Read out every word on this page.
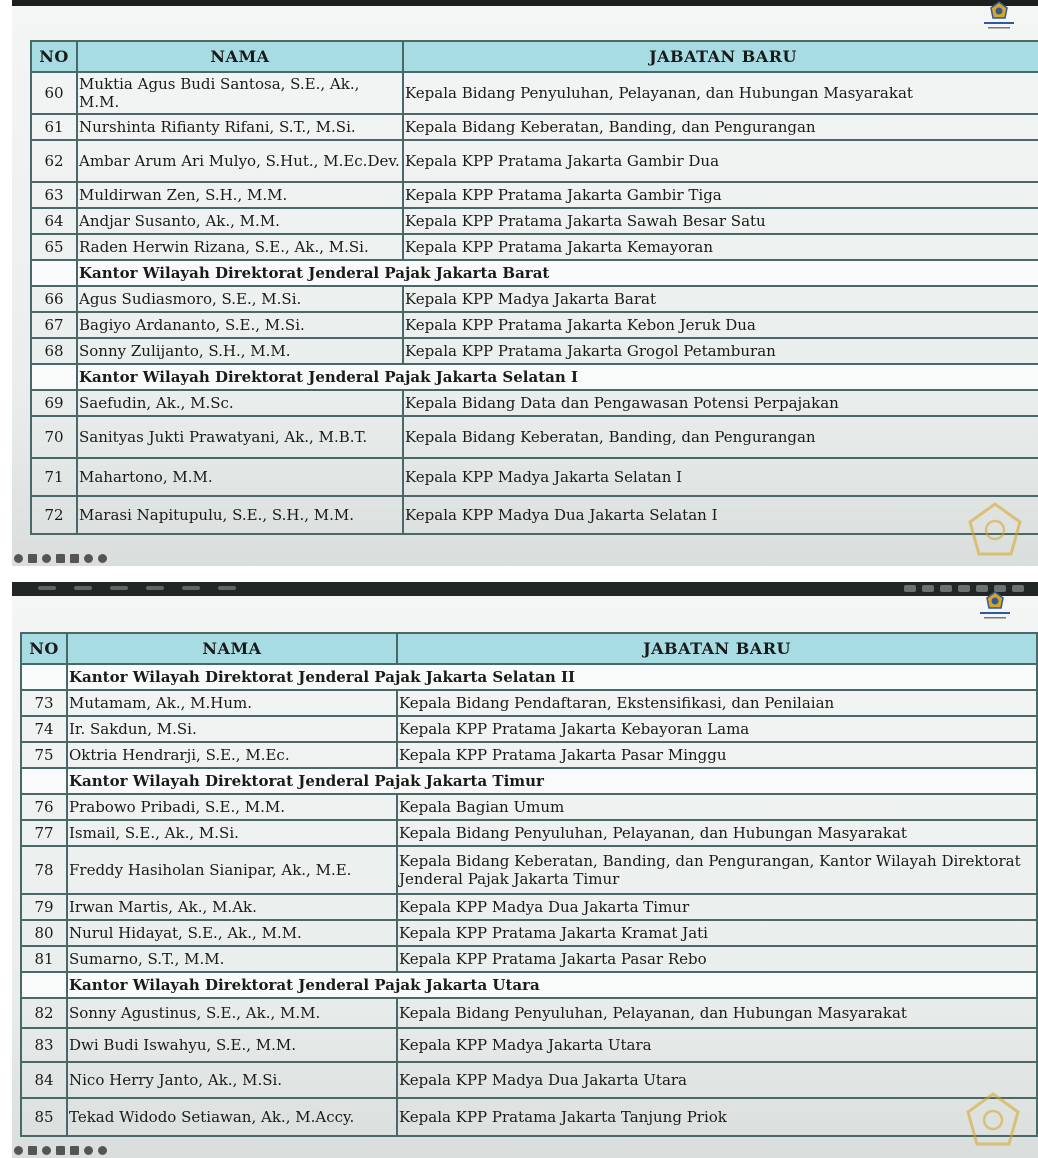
NO	NAMA	JABATAN BARU
60	Muktia Agus Budi Santosa, S.E., Ak., M.M.	Kepala Bidang Penyuluhan, Pelayanan, dan Hubungan Masyarakat
61	Nurshinta Rifianty Rifani, S.T., M.Si.	Kepala Bidang Keberatan, Banding, dan Pengurangan
62	Ambar Arum Ari Mulyo, S.Hut., M.Ec.Dev.	Kepala KPP Pratama Jakarta Gambir Dua
63	Muldirwan Zen, S.H., M.M.	Kepala KPP Pratama Jakarta Gambir Tiga
64	Andjar Susanto, Ak., M.M.	Kepala KPP Pratama Jakarta Sawah Besar Satu
65	Raden Herwin Rizana, S.E., Ak., M.Si.	Kepala KPP Pratama Jakarta Kemayoran
	Kantor Wilayah Direktorat Jenderal Pajak Jakarta Barat	
66	Agus Sudiasmoro, S.E., M.Si.	Kepala KPP Madya Jakarta Barat
67	Bagiyo Ardananto, S.E., M.Si.	Kepala KPP Pratama Jakarta Kebon Jeruk Dua
68	Sonny Zulijanto, S.H., M.M.	Kepala KPP Pratama Jakarta Grogol Petamburan
	Kantor Wilayah Direktorat Jenderal Pajak Jakarta Selatan I	
69	Saefudin, Ak., M.Sc.	Kepala Bidang Data dan Pengawasan Potensi Perpajakan
70	Sanityas Jukti Prawatyani, Ak., M.B.T.	Kepala Bidang Keberatan, Banding, dan Pengurangan
71	Mahartono, M.M.	Kepala KPP Madya Jakarta Selatan I
72	Marasi Napitupulu, S.E., S.H., M.M.	Kepala KPP Madya Dua Jakarta Selatan I
NO	NAMA	JABATAN BARU
	Kantor Wilayah Direktorat Jenderal Pajak Jakarta Selatan II	
73	Mutamam, Ak., M.Hum.	Kepala Bidang Pendaftaran, Ekstensifikasi, dan Penilaian
74	Ir. Sakdun, M.Si.	Kepala KPP Pratama Jakarta Kebayoran Lama
75	Oktria Hendrarji, S.E., M.Ec.	Kepala KPP Pratama Jakarta Pasar Minggu
	Kantor Wilayah Direktorat Jenderal Pajak Jakarta Timur	
76	Prabowo Pribadi, S.E., M.M.	Kepala Bagian Umum
77	Ismail, S.E., Ak., M.Si.	Kepala Bidang Penyuluhan, Pelayanan, dan Hubungan Masyarakat
78	Freddy Hasiholan Sianipar, Ak., M.E.	Kepala Bidang Keberatan, Banding, dan Pengurangan, Kantor Wilayah Direktorat Jenderal Pajak Jakarta Timur
79	Irwan Martis, Ak., M.Ak.	Kepala KPP Madya Dua Jakarta Timur
80	Nurul Hidayat, S.E., Ak., M.M.	Kepala KPP Pratama Jakarta Kramat Jati
81	Sumarno, S.T., M.M.	Kepala KPP Pratama Jakarta Pasar Rebo
	Kantor Wilayah Direktorat Jenderal Pajak Jakarta Utara	
82	Sonny Agustinus, S.E., Ak., M.M.	Kepala Bidang Penyuluhan, Pelayanan, dan Hubungan Masyarakat
83	Dwi Budi Iswahyu, S.E., M.M.	Kepala KPP Madya Jakarta Utara
84	Nico Herry Janto, Ak., M.Si.	Kepala KPP Madya Dua Jakarta Utara
85	Tekad Widodo Setiawan, Ak., M.Accy.	Kepala KPP Pratama Jakarta Tanjung Priok
